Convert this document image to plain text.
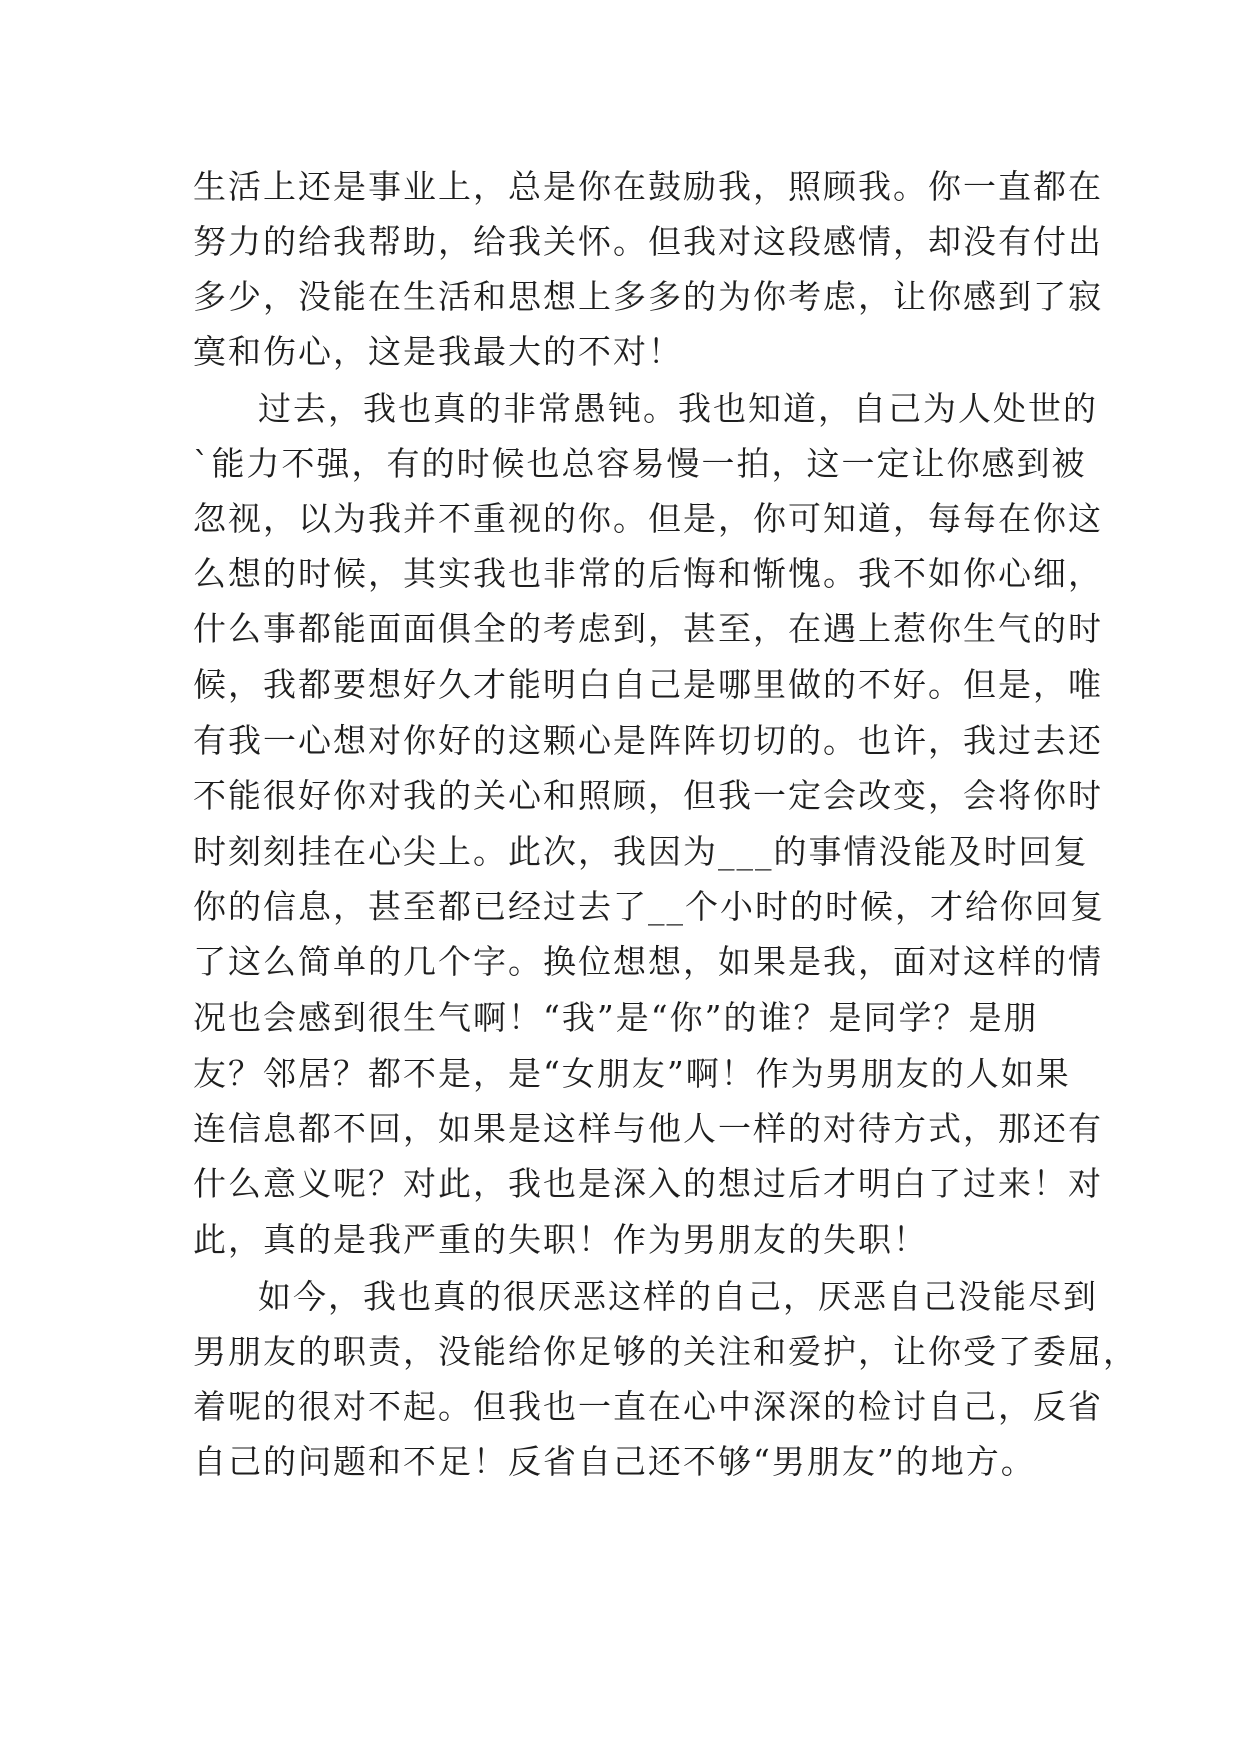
生活上还是事业上，总是你在鼓励我，照顾我。你一直都在

努力的给我帮助，给我关怀。但我对这段感情，却没有付出

多少，没能在生活和思想上多多的为你考虑，让你感到了寂

寞和伤心，这是我最大的不对！

过去，我也真的非常愚钝。我也知道，自己为人处世的

`能力不强，有的时候也总容易慢一拍，这一定让你感到被

忽视，以为我并不重视的你。但是，你可知道，每每在你这

么想的时候，其实我也非常的后悔和惭愧。我不如你心细，

什么事都能面面俱全的考虑到，甚至，在遇上惹你生气的时

候，我都要想好久才能明白自己是哪里做的不好。但是，唯

有我一心想对你好的这颗心是阵阵切切的。也许，我过去还

不能很好你对我的关心和照顾，但我一定会改变，会将你时

时刻刻挂在心尖上。此次，我因为___的事情没能及时回复

你的信息，甚至都已经过去了__个小时的时候，才给你回复

了这么简单的几个字。换位想想，如果是我，面对这样的情

况也会感到很生气啊！“我”是“你”的谁？是同学？是朋

友？邻居？都不是，是“女朋友”啊！作为男朋友的人如果

连信息都不回，如果是这样与他人一样的对待方式，那还有

什么意义呢？对此，我也是深入的想过后才明白了过来！对

此，真的是我严重的失职！作为男朋友的失职！

如今，我也真的很厌恶这样的自己，厌恶自己没能尽到

男朋友的职责，没能给你足够的关注和爱护，让你受了委屈，

着呢的很对不起。但我也一直在心中深深的检讨自己，反省

自己的问题和不足！反省自己还不够“男朋友”的地方。
